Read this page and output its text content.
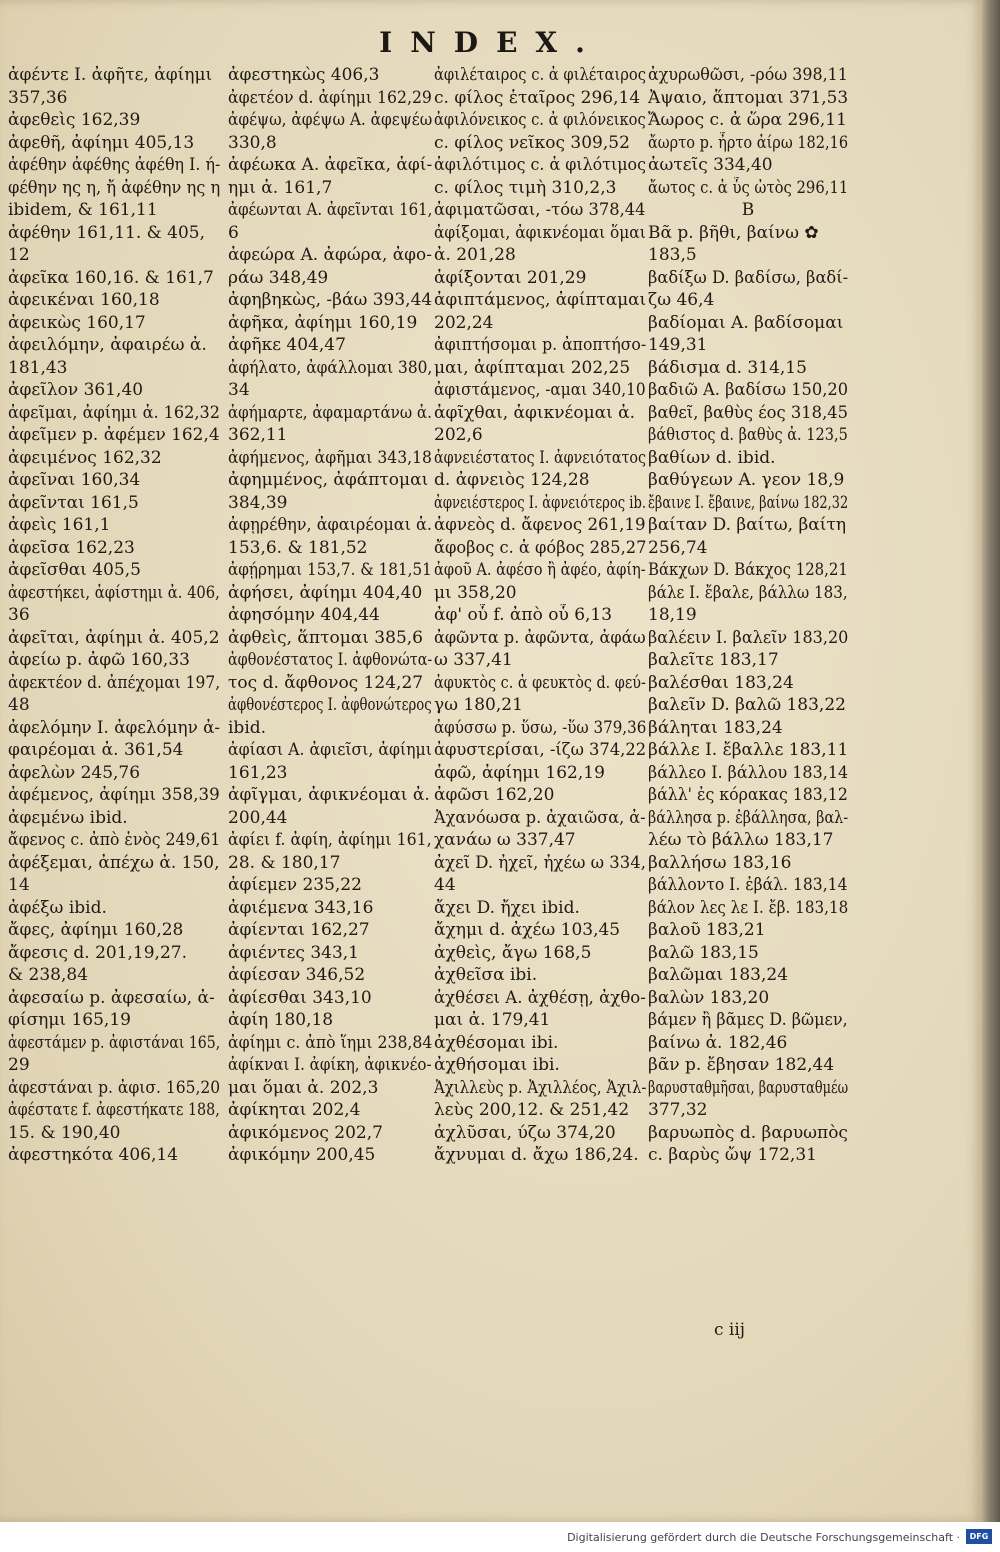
INDEX.
ἀφέντε I. ἀφῆτε, ἀφίημι
357,36
ἀφεθεὶς 162,39
ἀφεθῆ, ἀφίημι 405,13
ἀφέθην ἀφέθης ἀφέθη I. ή-
φέθην ης η, ἤ ἀφέθην ης η
ibidem, & 161,11
ἀφέθην 161,11. & 405,
12
ἀφεῖκα 160,16. & 161,7
ἀφεικέναι 160,18
ἀφεικὼς 160,17
ἀφειλόμην, ἀφαιρέω ἀ.
181,43
ἀφεῖλον 361,40
ἀφεῖμαι, ἀφίημι ἀ. 162,32
ἀφεῖμεν p. ἀφέμεν 162,4
ἀφειμένος 162,32
ἀφεῖναι 160,34
ἀφεῖνται 161,5
ἀφεὶς 161,1
ἀφεῖσα 162,23
ἀφεῖσθαι 405,5
ἀφεστήκει, ἀφίστημι ἀ. 406,
36
ἀφεῖται, ἀφίημι ἀ. 405,2
ἀφείω p. ἀφῶ 160,33
ἀφεκτέον d. ἀπέχομαι 197,
48
ἀφελόμην I. ἀφελόμην ἀ-
φαιρέομαι ἀ. 361,54
ἀφελὼν 245,76
ἀφέμενος, ἀφίημι 358,39
ἀφεμένω ibid.
ἄφενος c. ἀπὸ ἑνὸς 249,61
ἀφέξεμαι, ἀπέχω ἀ. 150,
14
ἀφέξω ibid.
ἄφες, ἀφίημι 160,28
ἄφεσις d. 201,19,27.
& 238,84
ἀφεσαίω p. ἀφεσαίω, ἀ-
φίσημι 165,19
ἀφεστάμεν p. ἀφιστάναι 165,
29
ἀφεστάναι p. ἀφισ. 165,20
ἀφέστατε f. ἀφεστήκατε 188,
15. & 190,40
ἀφεστηκότα 406,14
ἀφεστηκὼς 406,3
ἀφετέον d. ἀφίημι 162,29
ἀφέψω, ἀφέψω A. ἀφεψέω
330,8
ἀφέωκα A. ἀφεῖκα, ἀφί-
ημι ἀ. 161,7
ἀφέωνται A. ἀφεῖνται 161,
6
ἀφεώρα A. ἀφώρα, ἀφο-
ράω 348,49
ἀφηβηκὼς, -βάω 393,44
ἀφῆκα, ἀφίημι 160,19
ἀφῆκε 404,47
ἀφήλατο, ἀφάλλομαι 380,
34
ἀφήμαρτε, ἀφαμαρτάνω ἀ.
362,11
ἀφήμενος, ἀφῆμαι 343,18
ἀφημμένος, ἀφάπτομαι
384,39
ἀφῃρέθην, ἀφαιρέομαι ἀ.
153,6. & 181,52
ἀφῄρημαι 153,7. & 181,51
ἀφήσει, ἀφίημι 404,40
ἀφησόμην 404,44
ἀφθεὶς, ἅπτομαι 385,6
ἀφθονέστατος I. ἀφθονώτα-
τος d. ἄφθονος 124,27
ἀφθονέστερος I. ἀφθονώτερος
ibid.
ἀφίασι A. ἀφιεῖσι, ἀφίημι
161,23
ἀφῖγμαι, ἀφικνέομαι ἀ.
200,44
ἀφίει f. ἀφίη, ἀφίημι 161,
28. & 180,17
ἀφίεμεν 235,22
ἀφιέμενα 343,16
ἀφίενται 162,27
ἀφιέντες 343,1
ἀφίεσαν 346,52
ἀφίεσθαι 343,10
ἀφίη 180,18
ἀφίημι c. ἀπὸ ἵημι 238,84
ἀφίκναι I. ἀφίκη, ἀφικνέο-
μαι ὅμαι ἀ. 202,3
ἀφίκηται 202,4
ἀφικόμενος 202,7
ἀφικόμην 200,45
ἀφιλέταιρος c. ἀ φιλέταιρος
c. φίλος ἑταῖρος 296,14
ἀφιλόνεικος c. ἀ φιλόνεικος
c. φίλος νεῖκος 309,52
ἀφιλότιμος c. ἀ φιλότιμος
c. φίλος τιμὴ 310,2,3
ἀφιματῶσαι, -τόω 378,44
ἀφίξομαι, ἀφικνέομαι ὅμαι
ἀ. 201,28
ἀφίξονται 201,29
ἀφιπτάμενος, ἀφίπταμαι
202,24
ἀφιπτήσομαι p. ἀποπτήσο-
μαι, ἀφίπταμαι 202,25
ἀφιστάμενος, -αμαι 340,10
ἀφῖχθαι, ἀφικνέομαι ἀ.
202,6
ἀφνειέστατος I. ἀφνειότατος
d. ἀφνειὸς 124,28
ἀφνειέστερος I. ἀφνειότερος ib.
ἀφνεὸς d. ἄφενος 261,19
ἄφοβος c. ἀ φόβος 285,27
ἀφοῦ A. ἀφέσο ἢ ἀφέο, ἀφίη-
μι 358,20
ἀφ' οὗ f. ἀπὸ οὗ 6,13
ἀφῶντα p. ἀφῶντα, ἀφάω
ω 337,41
ἀφυκτὸς c. ἀ φευκτὸς d. φεύ-
γω 180,21
ἀφύσσω p. ὕσω, -ὕω 379,36
ἀφυστερίσαι, -ίζω 374,22
ἀφῶ, ἀφίημι 162,19
ἀφῶσι 162,20
Ἀχανόωσα p. ἀχαιῶσα, ἀ-
χανάω ω 337,47
ἀχεῖ D. ἠχεῖ, ἠχέω ω 334,
44
ἄχει D. ἤχει ibid.
ἄχημι d. ἀχέω 103,45
ἀχθεὶς, ἄγω 168,5
ἀχθεῖσα ibi.
ἀχθέσει A. ἀχθέσῃ, ἀχθο-
μαι ἀ. 179,41
ἀχθέσομαι ibi.
ἀχθήσομαι ibi.
Ἀχιλλεὺς p. Ἀχιλλέος, Ἀχιλ-
λεὺς 200,12. & 251,42
ἀχλῦσαι, ύζω 374,20
ἄχνυμαι d. ἄχω 186,24.
ἀχυρωθῶσι, -ρόω 398,11
Ἀψαιο, ἅπτομαι 371,53
Ἄωρος c. ἀ ὥρα 296,11
ἄωρτο p. ἦρτο ἀίρω 182,16
ἀωτεῖς 334,40
ἄωτος c. ἀ ὗς ὠτὸς 296,11
B
Βᾶ p. βῆθι, βαίνω ✿
183,5
βαδίξω D. βαδίσω, βαδί-
ζω 46,4
βαδίομαι A. βαδίσομαι
149,31
βάδισμα d. 314,15
βαδιῶ A. βαδίσω 150,20
βαθεῖ, βαθὺς έος 318,45
βάθιστος d. βαθὺς ἀ. 123,5
βαθίων d. ibid.
βαθύγεων A. γεον 18,9
ἔβαινε I. ἔβαινε, βαίνω 182,32
βαίταν D. βαίτω, βαίτη
256,74
Βάκχων D. Βάκχος 128,21
βάλε I. ἔβαλε, βάλλω 183,
18,19
βαλέειν I. βαλεῖν 183,20
βαλεῖτε 183,17
βαλέσθαι 183,24
βαλεῖν D. βαλῶ 183,22
βάληται 183,24
βάλλε I. ἔβαλλε 183,11
βάλλεο I. βάλλου 183,14
βάλλ' ἐς κόρακας 183,12
βάλλησα p. ἐβάλλησα, βαλ-
λέω τὸ βάλλω 183,17
βαλλήσω 183,16
βάλλοντο I. ἐβάλ. 183,14
βάλον λες λε I. ἔβ. 183,18
βαλοῦ 183,21
βαλῶ 183,15
βαλῶμαι 183,24
βαλὼν 183,20
βάμεν ἢ βᾶμες D. βῶμεν,
βαίνω ἀ. 182,46
βᾶν p. ἔβησαν 182,44
βαρυσταθμῆσαι, βαρυσταθμέω
377,32
βαρυωπὸς d. βαρυωπὸς
c. βαρὺς ὤψ 172,31
c iij
Digitalisierung gefördert durch die Deutsche Forschungsgemeinschaft ·	DFG
